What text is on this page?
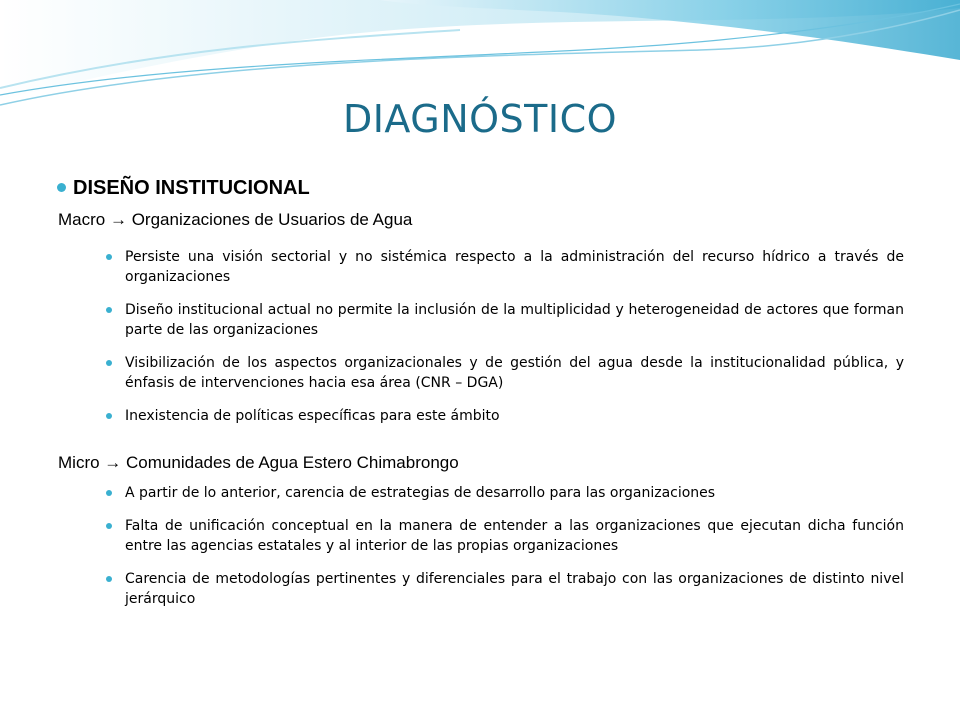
DIAGNÓSTICO
DISEÑO INSTITUCIONAL
Macro → Organizaciones de Usuarios de Agua
Persiste una visión sectorial y no sistémica respecto a la administración del recurso hídrico a través de organizaciones
Diseño institucional actual no permite la inclusión de la multiplicidad y heterogeneidad de actores que forman parte de las organizaciones
Visibilización de los aspectos organizacionales y de gestión del agua desde la institucionalidad pública, y énfasis de intervenciones hacia esa área (CNR – DGA)
Inexistencia de políticas específicas para este ámbito
Micro → Comunidades de Agua Estero Chimabrongo
A partir de lo anterior, carencia de estrategias de desarrollo para las organizaciones
Falta de unificación conceptual en la manera de entender a las organizaciones que ejecutan dicha función entre las agencias estatales y al interior de las propias organizaciones
Carencia de metodologías pertinentes y diferenciales para el trabajo con las organizaciones de distinto nivel jerárquico
